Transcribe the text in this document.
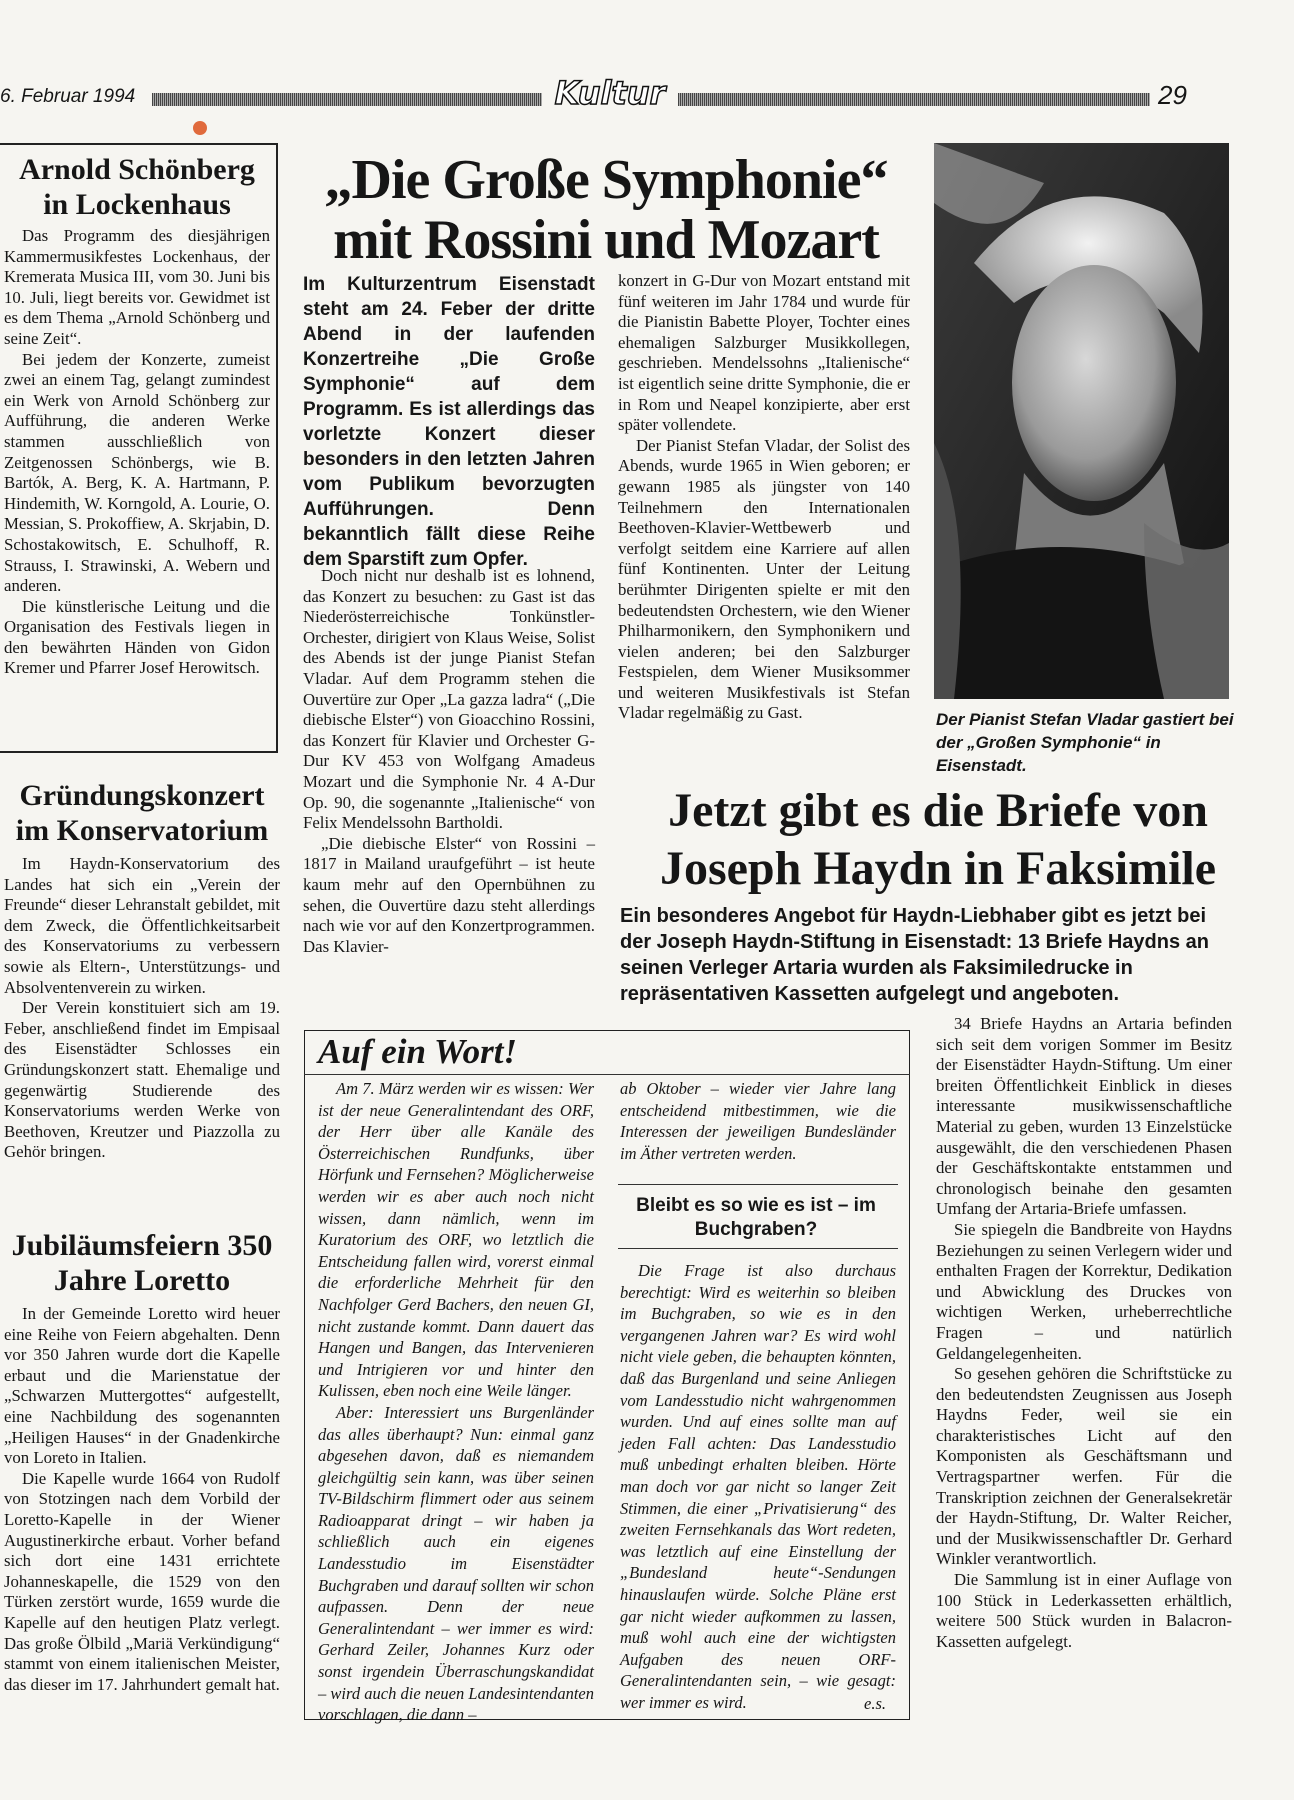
6. Februar 1994	Kultur	29
Arnold Schönberg in Lockenhaus

Das Programm des diesjährigen Kammermusikfestes Lockenhaus, der Kremerata Musica III, vom 30. Juni bis 10. Juli, liegt bereits vor. Gewidmet ist es dem Thema „Arnold Schönberg und seine Zeit“.

Bei jedem der Konzerte, zumeist zwei an einem Tag, gelangt zumindest ein Werk von Arnold Schönberg zur Aufführung, die anderen Werke stammen ausschließlich von Zeitgenossen Schönbergs, wie B. Bartók, A. Berg, K. A. Hartmann, P. Hindemith, W. Korngold, A. Lourie, O. Messian, S. Prokoffiew, A. Skrjabin, D. Schostakowitsch, E. Schulhoff, R. Strauss, I. Strawinski, A. Webern und anderen.

Die künstlerische Leitung und die Organisation des Festivals liegen in den bewährten Händen von Gidon Kremer und Pfarrer Josef Herowitsch.

Gründungskonzert im Konservatorium

Im Haydn-Konservatorium des Landes hat sich ein „Verein der Freunde“ dieser Lehranstalt gebildet, mit dem Zweck, die Öffentlichkeitsarbeit des Konservatoriums zu verbessern sowie als Eltern-, Unterstützungs- und Absolventenverein zu wirken.

Der Verein konstituiert sich am 19. Feber, anschließend findet im Empisaal des Eisenstädter Schlosses ein Gründungskonzert statt. Ehemalige und gegenwärtig Studierende des Konservatoriums werden Werke von Beethoven, Kreutzer und Piazzolla zu Gehör bringen.

Jubiläumsfeiern 350 Jahre Loretto

In der Gemeinde Loretto wird heuer eine Reihe von Feiern abgehalten. Denn vor 350 Jahren wurde dort die Kapelle erbaut und die Marienstatue der „Schwarzen Muttergottes“ aufgestellt, eine Nachbildung des sogenannten „Heiligen Hauses“ in der Gnadenkirche von Loreto in Italien.

Die Kapelle wurde 1664 von Rudolf von Stotzingen nach dem Vorbild der Loretto-Kapelle in der Wiener Augustinerkirche erbaut. Vorher befand sich dort eine 1431 errichtete Johanneskapelle, die 1529 von den Türken zerstört wurde, 1659 wurde die Kapelle auf den heutigen Platz verlegt. Das große Ölbild „Mariä Verkündigung“ stammt von einem italienischen Meister, das dieser im 17. Jahrhundert gemalt hat.

„Die Große Symphonie“ mit Rossini und Mozart
Im Kulturzentrum Eisenstadt steht am 24. Feber der dritte Abend in der laufenden Konzertreihe „Die Große Symphonie“ auf dem Programm. Es ist allerdings das vorletzte Konzert dieser besonders in den letzten Jahren vom Publikum bevorzugten Aufführungen. Denn bekanntlich fällt diese Reihe dem Sparstift zum Opfer.

Doch nicht nur deshalb ist es lohnend, das Konzert zu besuchen: zu Gast ist das Niederösterreichische Tonkünstler-Orchester, dirigiert von Klaus Weise, Solist des Abends ist der junge Pianist Stefan Vladar. Auf dem Programm stehen die Ouvertüre zur Oper „La gazza ladra“ („Die diebische Elster“) von Gioacchino Rossini, das Konzert für Klavier und Orchester G-Dur KV 453 von Wolfgang Amadeus Mozart und die Symphonie Nr. 4 A-Dur Op. 90, die sogenannte „Italienische“ von Felix Mendelssohn Bartholdi.

„Die diebische Elster“ von Rossini – 1817 in Mailand uraufgeführt – ist heute kaum mehr auf den Opernbühnen zu sehen, die Ouvertüre dazu steht allerdings nach wie vor auf den Konzertprogrammen. Das Klavier-

konzert in G-Dur von Mozart entstand mit fünf weiteren im Jahr 1784 und wurde für die Pianistin Babette Ployer, Tochter eines ehemaligen Salzburger Musikkollegen, geschrieben. Mendelssohns „Italienische“ ist eigentlich seine dritte Symphonie, die er in Rom und Neapel konzipierte, aber erst später vollendete.

Der Pianist Stefan Vladar, der Solist des Abends, wurde 1965 in Wien geboren; er gewann 1985 als jüngster von 140 Teilnehmern den Internationalen Beethoven-Klavier-Wettbewerb und verfolgt seitdem eine Karriere auf allen fünf Kontinenten. Unter der Leitung berühmter Dirigenten spielte er mit den bedeutendsten Orchestern, wie den Wiener Philharmonikern, den Symphonikern und vielen anderen; bei den Salzburger Festspielen, dem Wiener Musiksommer und weiteren Musikfestivals ist Stefan Vladar regelmäßig zu Gast.	Der Pianist Stefan Vladar gastiert bei der „Großen Symphonie“ in Eisenstadt.
Jetzt gibt es die Briefe von Joseph Haydn in Faksimile
Ein besonderes Angebot für Haydn-Liebhaber gibt es jetzt bei der Joseph Haydn-Stiftung in Eisenstadt: 13 Briefe Haydns an seinen Verleger Artaria wurden als Faksimiledrucke in repräsentativen Kassetten aufgelegt und angeboten.

34 Briefe Haydns an Artaria befinden sich seit dem vorigen Sommer im Besitz der Eisenstädter Haydn-Stiftung. Um einer breiten Öffentlichkeit Einblick in dieses interessante musikwissenschaftliche Material zu geben, wurden 13 Einzelstücke ausgewählt, die den verschiedenen Phasen der Geschäftskontakte entstammen und chronologisch beinahe den gesamten Umfang der Artaria-Briefe umfassen.

Sie spiegeln die Bandbreite von Haydns Beziehungen zu seinen Verlegern wider und enthalten Fragen der Korrektur, Dedikation und Abwicklung des Druckes von wichtigen Werken, urheberrechtliche Fragen – und natürlich Geldangelegenheiten.

So gesehen gehören die Schriftstücke zu den bedeutendsten Zeugnissen aus Joseph Haydns Feder, weil sie ein charakteristisches Licht auf den Komponisten als Geschäftsmann und Vertragspartner werfen. Für die Transkription zeichnen der Generalsekretär der Haydn-Stiftung, Dr. Walter Reicher, und der Musikwissenschaftler Dr. Gerhard Winkler verantwortlich.

Die Sammlung ist in einer Auflage von 100 Stück in Lederkassetten erhältlich, weitere 500 Stück wurden in Balacron-Kassetten aufgelegt.

Auf ein Wort!

Am 7. März werden wir es wissen: Wer ist der neue Generalintendant des ORF, der Herr über alle Kanäle des Österreichischen Rundfunks, über Hörfunk und Fernsehen? Möglicherweise werden wir es aber auch noch nicht wissen, dann nämlich, wenn im Kuratorium des ORF, wo letztlich die Entscheidung fallen wird, vorerst einmal die erforderliche Mehrheit für den Nachfolger Gerd Bachers, den neuen GI, nicht zustande kommt. Dann dauert das Hangen und Bangen, das Intervenieren und Intrigieren vor und hinter den Kulissen, eben noch eine Weile länger.

Aber: Interessiert uns Burgenländer das alles überhaupt? Nun: einmal ganz abgesehen davon, daß es niemandem gleichgültig sein kann, was über seinen TV-Bildschirm flimmert oder aus seinem Radioapparat dringt – wir haben ja schließlich auch ein eigenes Landesstudio im Eisenstädter Buchgraben und darauf sollten wir schon aufpassen. Denn der neue Generalintendant – wer immer es wird: Gerhard Zeiler, Johannes Kurz oder sonst irgendein Überraschungskandidat – wird auch die neuen Landesintendanten vorschlagen, die dann –

ab Oktober – wieder vier Jahre lang entscheidend mitbestimmen, wie die Interessen der jeweiligen Bundesländer im Äther vertreten werden.

Bleibt es so wie es ist – im Buchgraben?

Die Frage ist also durchaus berechtigt: Wird es weiterhin so bleiben im Buchgraben, so wie es in den vergangenen Jahren war? Es wird wohl nicht viele geben, die behaupten könnten, daß das Burgenland und seine Anliegen vom Landesstudio nicht wahrgenommen wurden. Und auf eines sollte man auf jeden Fall achten: Das Landesstudio muß unbedingt erhalten bleiben. Hörte man doch vor gar nicht so langer Zeit Stimmen, die einer „Privatisierung“ des zweiten Fernsehkanals das Wort redeten, was letztlich auf eine Einstellung der „Bundesland heute“-Sendungen hinauslaufen würde. Solche Pläne erst gar nicht wieder aufkommen zu lassen, muß wohl auch eine der wichtigsten Aufgaben des neuen ORF-Generalintendanten sein, – wie gesagt: wer immer es wird.	e.s.
